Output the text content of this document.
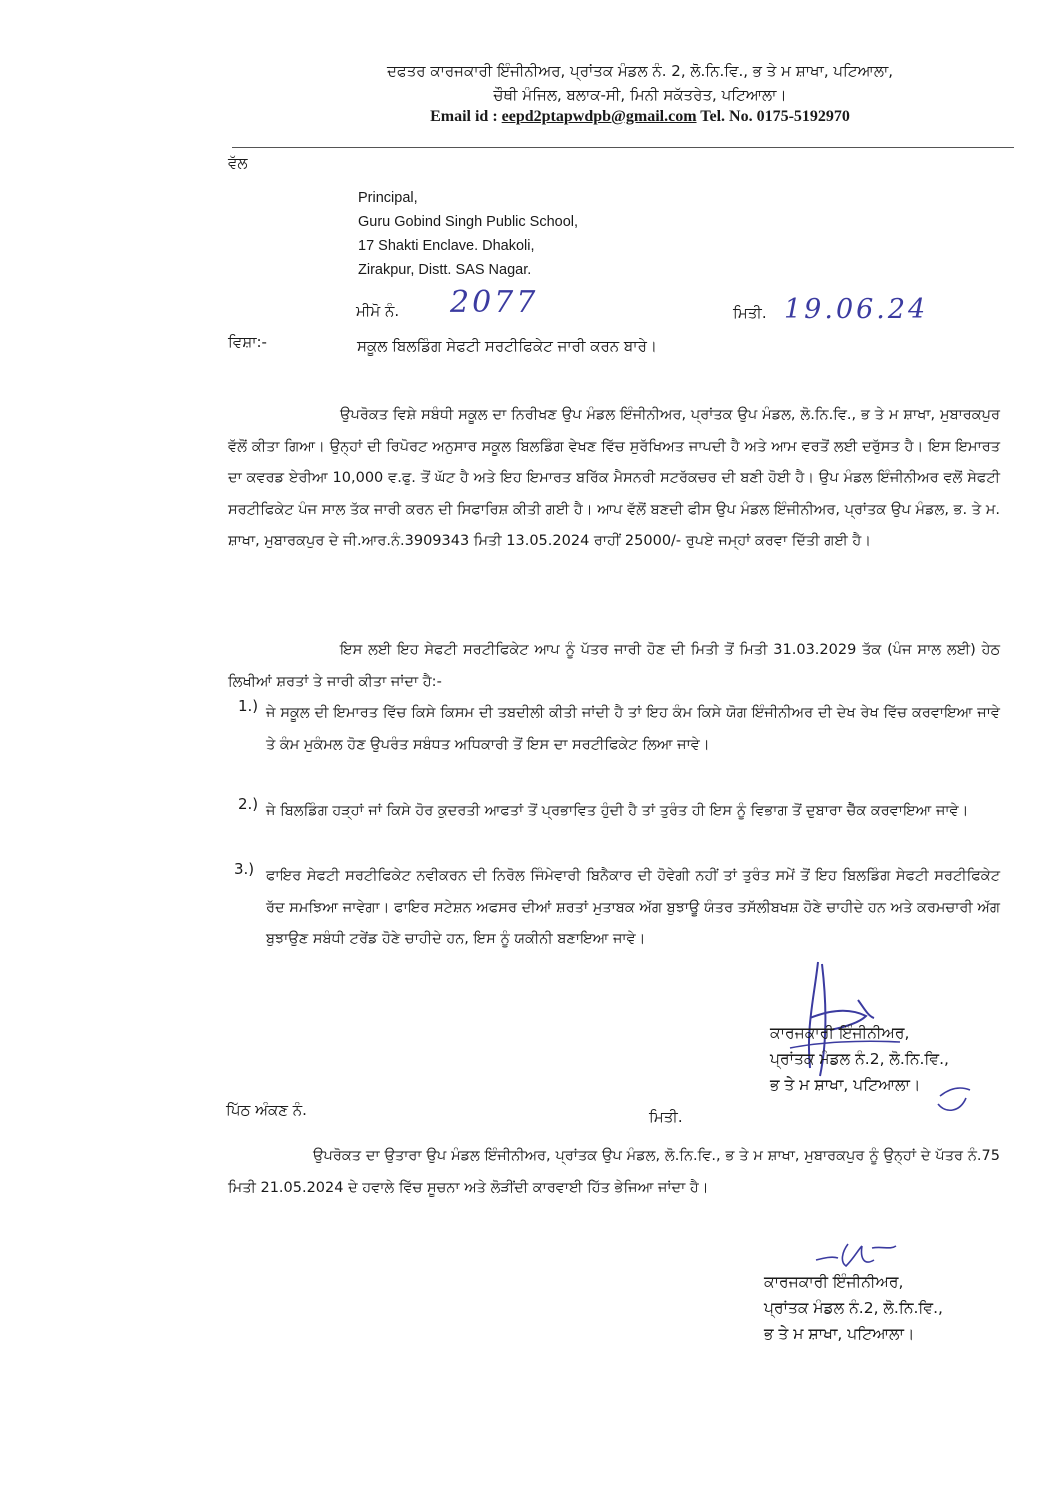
ਦਫਤਰ ਕਾਰਜਕਾਰੀ ਇੰਜੀਨੀਅਰ, ਪ੍ਰਾਂਤਕ ਮੰਡਲ ਨੰ. 2, ਲੋ.ਨਿ.ਵਿ., ਭ ਤੇ ਮ ਸ਼ਾਖਾ, ਪਟਿਆਲਾ,
ਚੌਥੀ ਮੰਜਿਲ, ਬਲਾਕ-ਸੀ, ਮਿਨੀ ਸਕੱਤਰੇਤ, ਪਟਿਆਲਾ।
Email id : eepd2ptapwdpb@gmail.com Tel. No. 0175-5192970
ਵੱਲ
Principal,
Guru Gobind Singh Public School,
17 Shakti Enclave. Dhakoli,
Zirakpur, Distt. SAS Nagar.
ਮੀਮੋ ਨੰ. 2077	ਮਿਤੀ. 19.06.24
ਵਿਸ਼ਾ:-	ਸਕੂਲ ਬਿਲਡਿੰਗ ਸੇਫਟੀ ਸਰਟੀਫਿਕੇਟ ਜਾਰੀ ਕਰਨ ਬਾਰੇ।
ਉਪਰੋਕਤ ਵਿਸ਼ੇ ਸਬੰਧੀ ਸਕੂਲ ਦਾ ਨਿਰੀਖਣ ਉਪ ਮੰਡਲ ਇੰਜੀਨੀਅਰ, ਪ੍ਰਾਂਤਕ ਉਪ ਮੰਡਲ, ਲੋ.ਨਿ.ਵਿ., ਭ ਤੇ ਮ ਸ਼ਾਖਾ, ਮੁਬਾਰਕਪੁਰ ਵੱਲੋਂ ਕੀਤਾ ਗਿਆ। ਉਨ੍ਹਾਂ ਦੀ ਰਿਪੋਰਟ ਅਨੁਸਾਰ ਸਕੂਲ ਬਿਲਡਿੰਗ ਵੇਖਣ ਵਿੱਚ ਸੁਰੱਖਿਅਤ ਜਾਪਦੀ ਹੈ ਅਤੇ ਆਮ ਵਰਤੋਂ ਲਈ ਦਰੁੱਸਤ ਹੈ। ਇਸ ਇਮਾਰਤ ਦਾ ਕਵਰਡ ਏਰੀਆ 10,000 ਵ.ਫੁ. ਤੋਂ ਘੱਟ ਹੈ ਅਤੇ ਇਹ ਇਮਾਰਤ ਬਰਿੱਕ ਮੈਸਨਰੀ ਸਟਰੱਕਚਰ ਦੀ ਬਣੀ ਹੋਈ ਹੈ। ਉਪ ਮੰਡਲ ਇੰਜੀਨੀਅਰ ਵਲੋਂ ਸੇਫਟੀ ਸਰਟੀਫਿਕੇਟ ਪੰਜ ਸਾਲ ਤੱਕ ਜਾਰੀ ਕਰਨ ਦੀ ਸਿਫਾਰਿਸ਼ ਕੀਤੀ ਗਈ ਹੈ। ਆਪ ਵੱਲੋਂ ਬਣਦੀ ਫੀਸ ਉਪ ਮੰਡਲ ਇੰਜੀਨੀਅਰ, ਪ੍ਰਾਂਤਕ ਉਪ ਮੰਡਲ, ਭ. ਤੇ ਮ. ਸ਼ਾਖਾ, ਮੁਬਾਰਕਪੁਰ ਦੇ ਜੀ.ਆਰ.ਨੰ.3909343 ਮਿਤੀ 13.05.2024 ਰਾਹੀਂ 25000/- ਰੁਪਏ ਜਮ੍ਹਾਂ ਕਰਵਾ ਦਿੱਤੀ ਗਈ ਹੈ।
ਇਸ ਲਈ ਇਹ ਸੇਫਟੀ ਸਰਟੀਫਿਕੇਟ ਆਪ ਨੂੰ ਪੱਤਰ ਜਾਰੀ ਹੋਣ ਦੀ ਮਿਤੀ ਤੋਂ ਮਿਤੀ 31.03.2029 ਤੱਕ (ਪੰਜ ਸਾਲ ਲਈ) ਹੇਠ ਲਿਖੀਆਂ ਸ਼ਰਤਾਂ ਤੇ ਜਾਰੀ ਕੀਤਾ ਜਾਂਦਾ ਹੈ:-
1.) ਜੇ ਸਕੂਲ ਦੀ ਇਮਾਰਤ ਵਿੱਚ ਕਿਸੇ ਕਿਸਮ ਦੀ ਤਬਦੀਲੀ ਕੀਤੀ ਜਾਂਦੀ ਹੈ ਤਾਂ ਇਹ ਕੰਮ ਕਿਸੇ ਯੋਗ ਇੰਜੀਨੀਅਰ ਦੀ ਦੇਖ ਰੇਖ ਵਿੱਚ ਕਰਵਾਇਆ ਜਾਵੇ ਤੇ ਕੰਮ ਮੁਕੰਮਲ ਹੋਣ ਉਪਰੰਤ ਸਬੰਧਤ ਅਧਿਕਾਰੀ ਤੋਂ ਇਸ ਦਾ ਸਰਟੀਫਿਕੇਟ ਲਿਆ ਜਾਵੇ।
2.) ਜੇ ਬਿਲਡਿੰਗ ਹੜ੍ਹਾਂ ਜਾਂ ਕਿਸੇ ਹੋਰ ਕੁਦਰਤੀ ਆਫਤਾਂ ਤੋਂ ਪ੍ਰਭਾਵਿਤ ਹੁੰਦੀ ਹੈ ਤਾਂ ਤੁਰੰਤ ਹੀ ਇਸ ਨੂੰ ਵਿਭਾਗ ਤੋਂ ਦੁਬਾਰਾ ਚੈੱਕ ਕਰਵਾਇਆ ਜਾਵੇ।
3.) ਫਾਇਰ ਸੇਫਟੀ ਸਰਟੀਫਿਕੇਟ ਨਵੀਕਰਨ ਦੀ ਨਿਰੋਲ ਜਿੰਮੇਵਾਰੀ ਬਿਨੈਕਾਰ ਦੀ ਹੋਵੇਗੀ ਨਹੀਂ ਤਾਂ ਤੁਰੰਤ ਸਮੇਂ ਤੋਂ ਇਹ ਬਿਲਡਿੰਗ ਸੇਫਟੀ ਸਰਟੀਫਿਕੇਟ ਰੱਦ ਸਮਝਿਆ ਜਾਵੇਗਾ। ਫਾਇਰ ਸਟੇਸ਼ਨ ਅਫਸਰ ਦੀਆਂ ਸ਼ਰਤਾਂ ਮੁਤਾਬਕ ਅੱਗ ਬੁਝਾਊ ਯੰਤਰ ਤਸੱਲੀਬਖਸ਼ ਹੋਣੇ ਚਾਹੀਦੇ ਹਨ ਅਤੇ ਕਰਮਚਾਰੀ ਅੱਗ ਬੁਝਾਉਣ ਸਬੰਧੀ ਟਰੇਂਡ ਹੋਣੇ ਚਾਹੀਦੇ ਹਨ, ਇਸ ਨੂੰ ਯਕੀਨੀ ਬਣਾਇਆ ਜਾਵੇ।
ਕਾਰਜਕਾਰੀ ਇੰਜੀਨੀਅਰ,
ਪ੍ਰਾਂਤਕ ਮੰਡਲ ਨੰ.2, ਲੋ.ਨਿ.ਵਿ.,
ਭ ਤੇ ਮ ਸ਼ਾਖਾ, ਪਟਿਆਲਾ।
ਪਿੱਠ ਅੰਕਣ ਨੰ.	ਮਿਤੀ.
ਉਪਰੋਕਤ ਦਾ ਉਤਾਰਾ ਉਪ ਮੰਡਲ ਇੰਜੀਨੀਅਰ, ਪ੍ਰਾਂਤਕ ਉਪ ਮੰਡਲ, ਲੋ.ਨਿ.ਵਿ., ਭ ਤੇ ਮ ਸ਼ਾਖਾ, ਮੁਬਾਰਕਪੁਰ ਨੂੰ ਉਨ੍ਹਾਂ ਦੇ ਪੱਤਰ ਨੰ.75 ਮਿਤੀ 21.05.2024 ਦੇ ਹਵਾਲੇ ਵਿੱਚ ਸੂਚਨਾ ਅਤੇ ਲੋੜੀਂਦੀ ਕਾਰਵਾਈ ਹਿੱਤ ਭੇਜਿਆ ਜਾਂਦਾ ਹੈ।
ਕਾਰਜਕਾਰੀ ਇੰਜੀਨੀਅਰ,
ਪ੍ਰਾਂਤਕ ਮੰਡਲ ਨੰ.2, ਲੋ.ਨਿ.ਵਿ.,
ਭ ਤੇ ਮ ਸ਼ਾਖਾ, ਪਟਿਆਲਾ।
